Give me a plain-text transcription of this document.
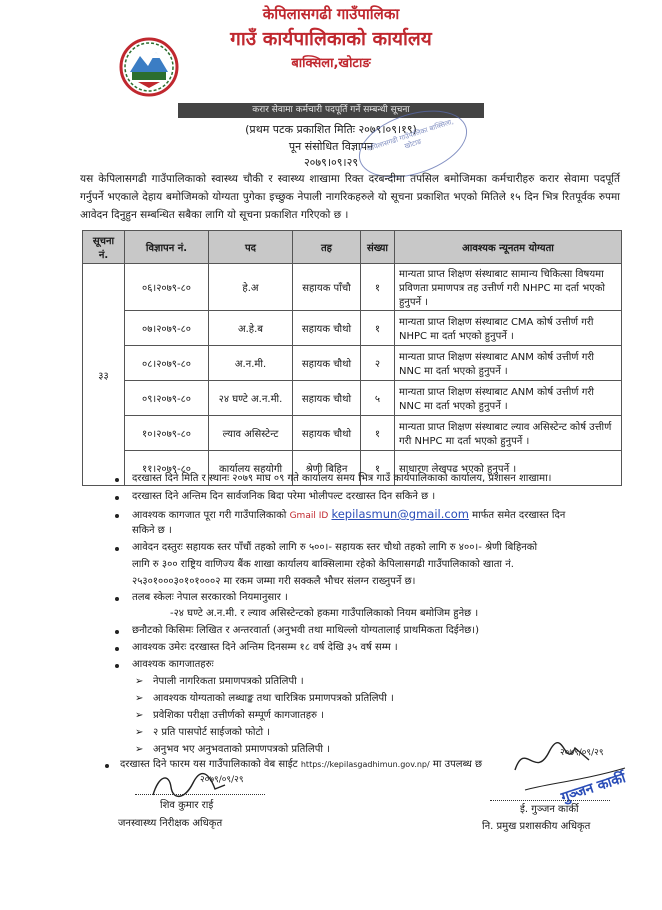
केपिलासगढी गाउँपालिका
गाउँ कार्यपालिकाको कार्यालय
बाक्सिला,खोटाङ
करार सेवामा कर्मचारी पदपूर्ति गर्ने सम्बन्धी सूचना
(प्रथम पटक प्रकाशित मितिः २०७९।०९।१९)
पून संसोधित विज्ञापन
२०७९।०९।२९
केपिलासगढी गाउँपालिका बाक्सिला, खोटाङ
यस केपिलासगढी गाउँपालिकाको स्वास्थ्य चौकी र स्वास्थ्य शाखामा रिक्त दरबन्दीमा तपसिल बमोजिमका कर्मचारीहरु करार सेवामा पदपूर्ति गर्नुपर्ने भएकाले देहाय बमोजिमको योग्यता पुगेका इच्छुक नेपाली नागरिकहरुले यो सूचना प्रकाशित भएको मितिले १५ दिन भित्र रितपूर्वक रुपमा आवेदन दिनुहुन सम्बन्धित सबैका लागि यो सूचना प्रकाशित गरिएको छ ।
सूचना नं.	विज्ञापन नं.	पद	तह	संख्या	आवश्यक न्यूनतम योग्यता
३३	०६।२०७९-८०	हे.अ	सहायक पाँचौ	१	मान्यता प्राप्त शिक्षण संस्थाबाट सामान्य चिकित्सा विषयमा प्रविणता प्रमाणपत्र तह उत्तीर्ण गरी NHPC मा दर्ता भएको हुनुपर्ने ।
	०७।२०७९-८०	अ.हे.ब	सहायक चौथो	१	मान्यता प्राप्त शिक्षण संस्थाबाट CMA कोर्ष उत्तीर्ण गरी NHPC मा दर्ता भएको हुनुपर्ने ।
	०८।२०७९-८०	अ.न.मी.	सहायक चौथो	२	मान्यता प्राप्त शिक्षण संस्थाबाट ANM कोर्ष उत्तीर्ण गरी NNC मा दर्ता भएको हुनुपर्ने ।
	०९।२०७९-८०	२४ घण्टे अ.न.मी.	सहायक चौथो	५	मान्यता प्राप्त शिक्षण संस्थाबाट ANM कोर्ष उत्तीर्ण गरी NNC मा दर्ता भएको हुनुपर्ने ।
	१०।२०७९-८०	ल्याव असिस्टेन्ट	सहायक चौथो	१	मान्यता प्राप्त शिक्षण संस्थाबाट ल्याव असिस्टेन्ट कोर्ष उत्तीर्ण गरी NHPC मा दर्ता भएको हुनुपर्ने ।
	११।२०७९-८०	कार्यालय सहयोगी	श्रेणी बिहिन	१	साधारण लेखपढ भएको हुनुपर्ने ।
दरखास्त दिने मिति र स्थानः २०७९ माघ ०९ गते कार्यालय समय भित्र गाउँ कार्यपालिकाको कार्यालय, प्रशासन शाखामा।
दरखास्त दिने अन्तिम दिन सार्वजनिक बिदा परेमा भोलीपल्ट दरखास्त दिन सकिने छ ।
आवश्यक कागजात पूरा गरी गाउँपालिकाको Gmail ID kepilasmun@gmail.com मार्फत समेत दरखास्त दिन
सकिने छ ।
आवेदन दस्तुरः सहायक स्तर पाँचौं तहको लागि रु ५००।- सहायक स्तर चौथो तहको लागि रु ४००।- श्रेणी बिहिनको
लागि रु ३०० राष्ट्रिय वाणिज्य बैंक शाखा कार्यालय बाक्सिलामा रहेको केपिलासगढी गाउँपालिकाको खाता नं.
२५३०१०००३०१०१०००२ मा रकम जम्मा गरी सक्कलै भौचर संलग्न राख्नुपर्ने छ।
तलब स्केलः नेपाल सरकारको नियमानुसार ।
-२४ घण्टे अ.न.मी. र ल्याव असिस्टेन्टको हकमा गाउँपालिकाको नियम बमोजिम हुनेछ ।
छनौटको किसिमः लिखित र अन्तरवार्ता (अनुभवी तथा माथिल्लो योग्यतालाई प्राथमिकता दिईनेछ।)
आवश्यक उमेरः दरखास्त दिने अन्तिम दिनसम्म १८ वर्ष देखि ३५ वर्ष सम्म ।
आवश्यक कागजातहरुः
➢ नेपाली नागरिकता प्रमाणपत्रको प्रतिलिपी ।
➢ आवश्यक योग्यताको लब्धाङ्क तथा चारित्रिक प्रमाणपत्रको प्रतिलिपी ।
➢ प्रवेशिका परीक्षा उत्तीर्णको सम्पूर्ण कागजातहरु ।
➢ २ प्रति पासपोर्ट साईजको फोटो ।
➢ अनुभव भए अनुभवताको प्रमाणपत्रको प्रतिलिपी ।
दरखास्त दिने फारम यस गाउँपालिकाको वेब साईट https://kepilasgadhimun.gov.np/ मा उपलब्ध छ
२०७९/०९/२९
शिव कुमार राई
जनस्वास्थ्य निरीक्षक अधिकृत
२०७९/०९/२९
गुञ्जन कार्की
ई. गुञ्जन कार्की
नि. प्रमुख प्रशासकीय अधिकृत
